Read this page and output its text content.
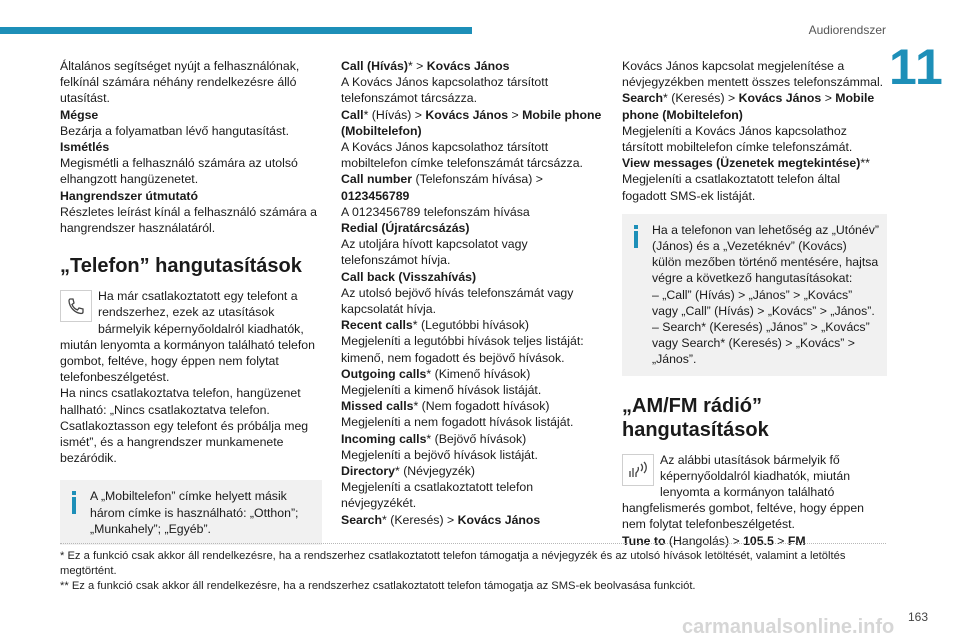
Audiorendszer
11

Általános segítséget nyújt a felhasználónak, felkínál számára néhány rendelkezésre álló utasítást.

Mégse

Bezárja a folyamatban lévő hangutasítást.

Ismétlés

Megismétli a felhasználó számára az utolsó elhangzott hangüzenetet.

Hangrendszer útmutató

Részletes leírást kínál a felhasználó számára a hangrendszer használatáról.

„Telefon” hangutasítások

Ha már csatlakoztatott egy telefont a rendszerhez, ezek az utasítások bármelyik képernyőoldalról kiadhatók, miután lenyomta a kormányon található telefon gombot, feltéve, hogy éppen nem folytat telefonbeszélgetést.

Ha nincs csatlakoztatva telefon, hangüzenet hallható: „Nincs csatlakoztatva telefon. Csatlakoztasson egy telefont és próbálja meg ismét”, és a hangrendszer munkamenete bezáródik.

A „Mobiltelefon” címke helyett másik három címke is használható: „Otthon”; „Munkahely”; „Egyéb”.

Call (Hívás)* > Kovács János

A Kovács János kapcsolathoz társított telefonszámot tárcsázza.

Call* (Hívás) > Kovács János > Mobile phone (Mobiltelefon)

A Kovács János kapcsolathoz társított mobiltelefon címke telefonszámát tárcsázza.

Call number (Telefonszám hívása) >

0123456789

A 0123456789 telefonszám hívása

Redial (Újratárcsázás)

Az utoljára hívott kapcsolatot vagy telefonszámot hívja.

Call back (Visszahívás)

Az utolsó bejövő hívás telefonszámát vagy kapcsolatát hívja.

Recent calls* (Legutóbbi hívások)

Megjeleníti a legutóbbi hívások teljes listáját: kimenő, nem fogadott és bejövő hívások.

Outgoing calls* (Kimenő hívások)

Megjeleníti a kimenő hívások listáját.

Missed calls* (Nem fogadott hívások)

Megjeleníti a nem fogadott hívások listáját.

Incoming calls* (Bejövő hívások)

Megjeleníti a bejövő hívások listáját.

Directory* (Névjegyzék)

Megjeleníti a csatlakoztatott telefon névjegyzékét.

Search* (Keresés) > Kovács János

Kovács János kapcsolat megjelenítése a névjegyzékben mentett összes telefonszámmal.

Search* (Keresés) > Kovács János > Mobile phone (Mobiltelefon)

Megjeleníti a Kovács János kapcsolathoz társított mobiltelefon címke telefonszámát.

View messages (Üzenetek megtekintése)**

Megjeleníti a csatlakoztatott telefon által fogadott SMS-ek listáját.

Ha a telefonon van lehetőség az „Utónév” (János) és a „Vezetéknév” (Kovács) külön mezőben történő mentésére, hajtsa végre a következő hangutasításokat:

– „Call” (Hívás) > „János” > „Kovács” vagy „Call” (Hívás) > „Kovács” > „János”.

– Search* (Keresés) „János” > „Kovács” vagy Search* (Keresés) > „Kovács” > „János”.

„AM/FM rádió” hangutasítások

Az alábbi utasítások bármelyik fő képernyőoldalról kiadhatók, miután lenyomta a kormányon található hangfelismerés gombot, feltéve, hogy éppen nem folytat telefonbeszélgetést.

Tune to (Hangolás) > 105.5 > FM

* Ez a funkció csak akkor áll rendelkezésre, ha a rendszerhez csatlakoztatott telefon támogatja a névjegyzék és az utolsó hívások letöltését, valamint a letöltés megtörtént.

** Ez a funkció csak akkor áll rendelkezésre, ha a rendszerhez csatlakoztatott telefon támogatja az SMS-ek beolvasása funkciót.

163
carmanualsonline.info
